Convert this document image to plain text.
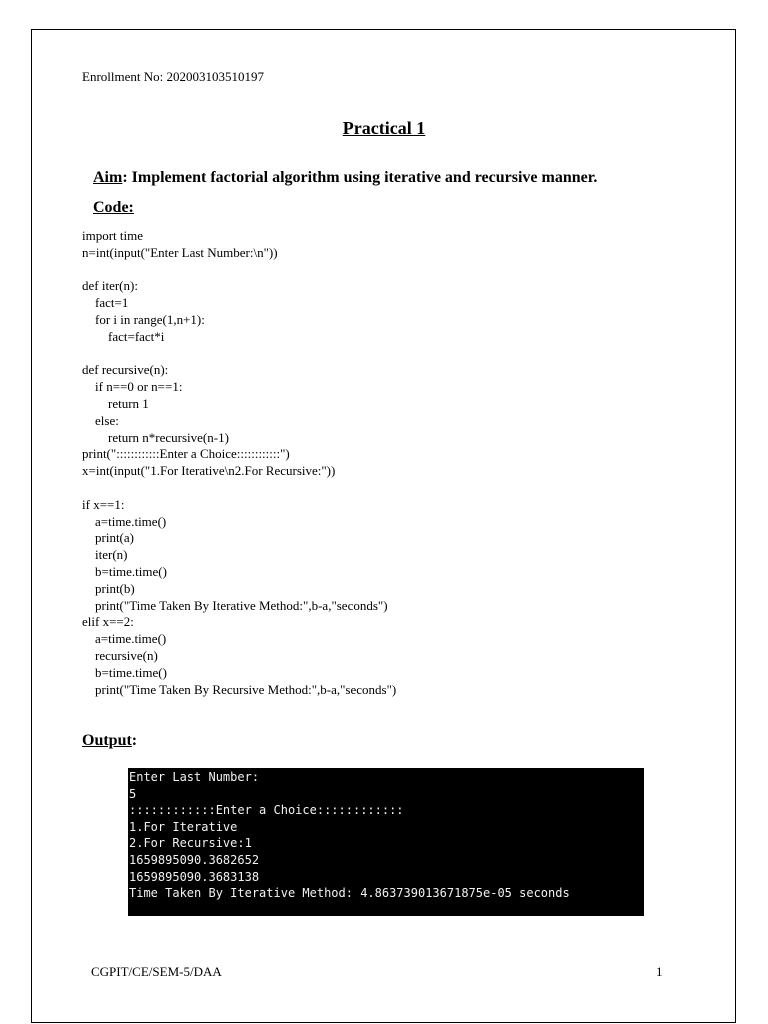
Enrollment No: 202003103510197
Practical 1
Aim: Implement factorial algorithm using iterative and recursive manner.
Code:
import time
n=int(input("Enter Last Number:\n"))
def iter(n):
fact=1
for i in range(1,n+1):
fact=fact*i
def recursive(n):
if n==0 or n==1:
return 1
else:
return n*recursive(n-1)
print("::::::::::::Enter a Choice::::::::::::")
x=int(input("1.For Iterative\n2.For Recursive:"))
if x==1:
a=time.time()
print(a)
iter(n)
b=time.time()
print(b)
print("Time Taken By Iterative Method:",b-a,"seconds")
elif x==2:
a=time.time()
recursive(n)
b=time.time()
print("Time Taken By Recursive Method:",b-a,"seconds")
Output:
Enter Last Number:
5
::::::::::::Enter a Choice::::::::::::
1.For Iterative
2.For Recursive:1
1659895090.3682652
1659895090.3683138
Time Taken By Iterative Method: 4.863739013671875e-05 seconds
CGPIT/CE/SEM-5/DAA	1
